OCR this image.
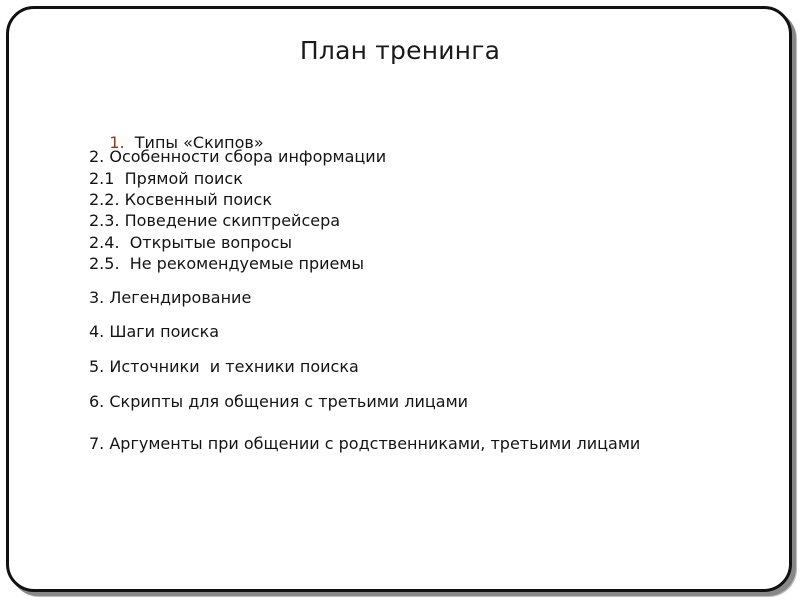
План тренинга

1. Типы «Скипов»

2. Особенности сбора информации
2.1  Прямой поиск
2.2. Косвенный поиск
2.3. Поведение скиптрейсера
2.4.  Открытые вопросы
2.5.  Не рекомендуемые приемы
3. Легендирование
4. Шаги поиска
5. Источники  и техники поиска
6. Скрипты для общения с третьими лицами
7. Аргументы при общении с родственниками, третьими лицами
